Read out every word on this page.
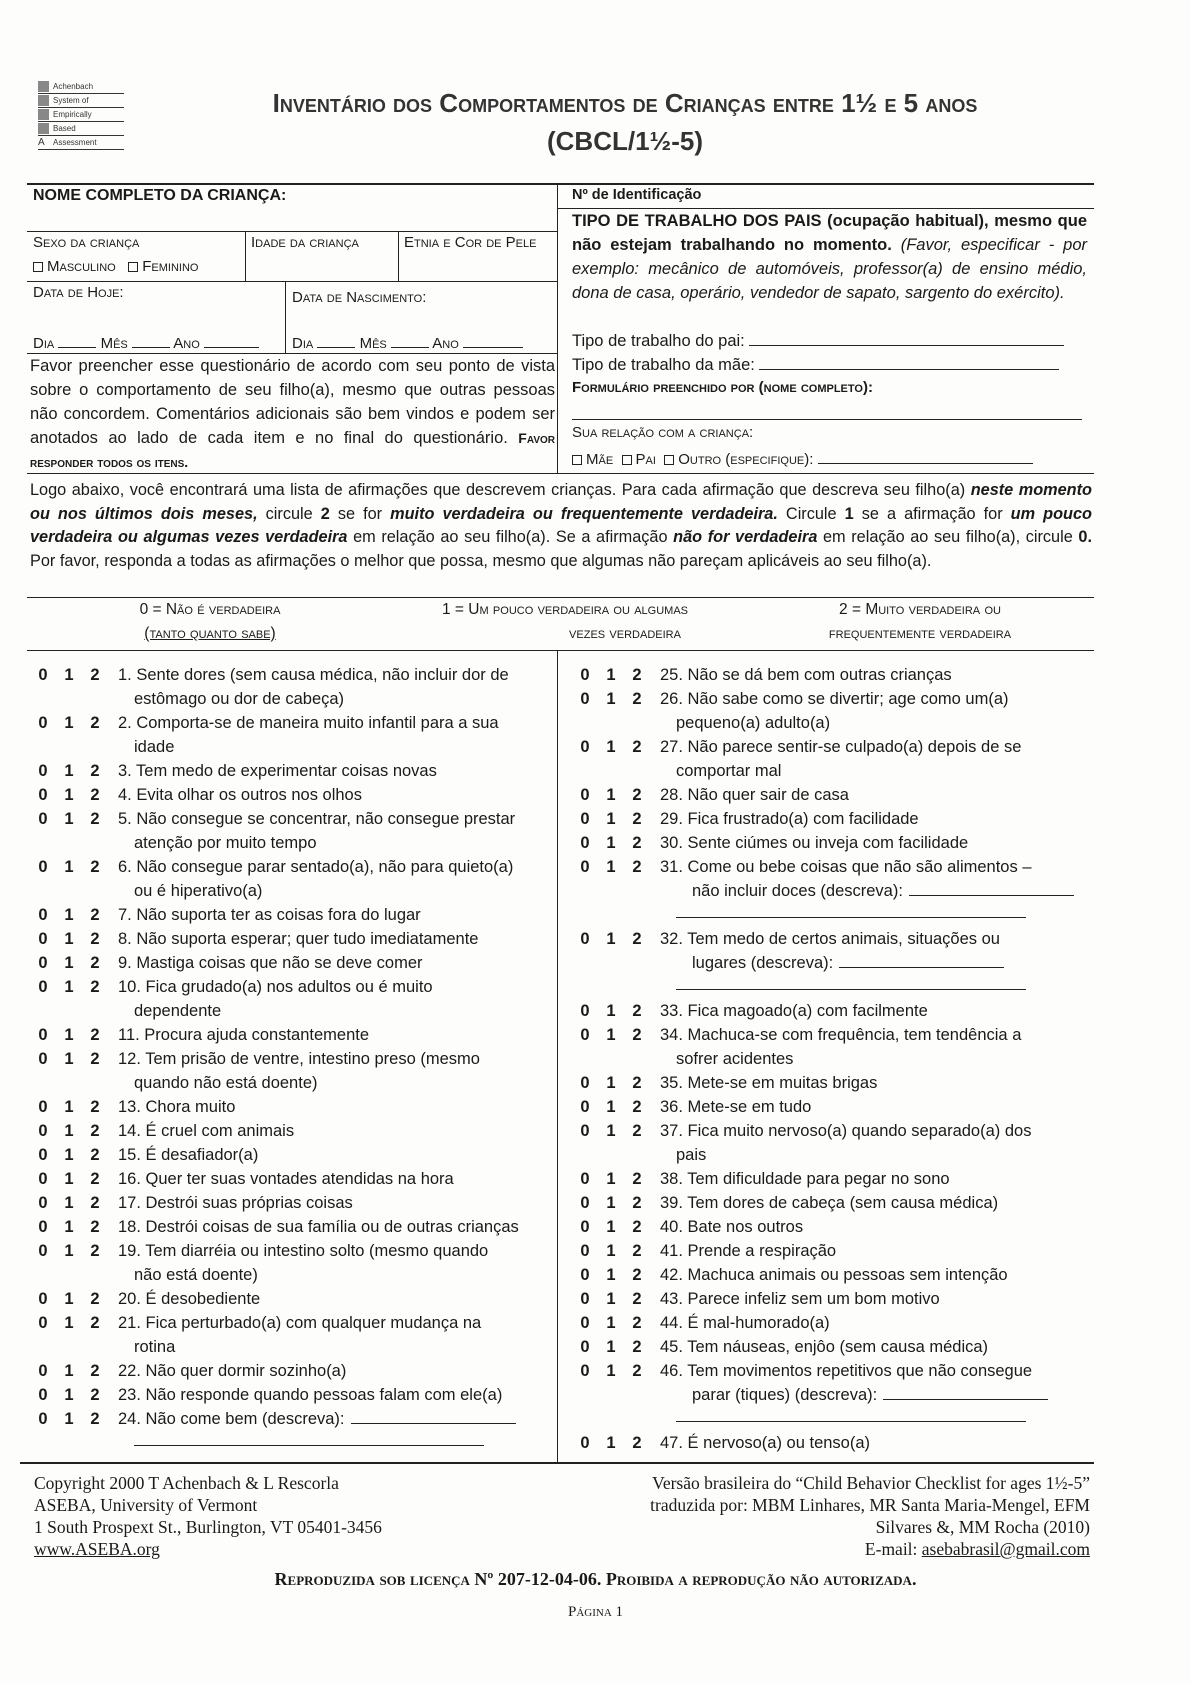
Achenbach
System of
Empirically
Based
A	Assessment
Inventário dos Comportamentos de Crianças entre 1½ e 5 anos
(CBCL/1½-5)
NOME COMPLETO DA CRIANÇA:
Sexo da criança
Masculino Feminino
Idade da criança	Etnia e Cor de Pele
Data de Hoje:	Data de Nascimento:
Dia	Mês	Ano	Dia	Mês	Ano
Favor preencher esse questionário de acordo com seu ponto de vista sobre o comportamento de seu filho(a), mesmo que outras pessoas não concordem. Comentários adicionais são bem vindos e podem ser anotados ao lado de cada item e no final do questionário. Favor responder todos os itens.
Nº de Identificação
TIPO DE TRABALHO DOS PAIS (ocupação habitual), mesmo que não estejam trabalhando no momento. (Favor, especificar - por exemplo: mecânico de automóveis, professor(a) de ensino médio, dona de casa, operário, vendedor de sapato, sargento do exército).
Tipo de trabalho do pai:
Tipo de trabalho da mãe:
Formulário preenchido por (nome completo):
Sua relação com a criança:
Mãe Pai Outro (especifique):
Logo abaixo, você encontrará uma lista de afirmações que descrevem crianças. Para cada afirmação que descreva seu filho(a) neste momento ou nos últimos dois meses, circule 2 se for muito verdadeira ou frequentemente verdadeira. Circule 1 se a afirmação for um pouco verdadeira ou algumas vezes verdadeira em relação ao seu filho(a). Se a afirmação não for verdadeira em relação ao seu filho(a), circule 0. Por favor, responda a todas as afirmações o melhor que possa, mesmo que algumas não pareçam aplicáveis ao seu filho(a).
0 = Não é verdadeira
(tanto quanto sabe)
1 = Um pouco verdadeira ou algumas
vezes verdadeira
2 = Muito verdadeira ou
frequentemente verdadeira
0	1	2	1. Sente dores (sem causa médica, não incluir dor de
estômago ou dor de cabeça)
0	1	2	2. Comporta-se de maneira muito infantil para a sua
idade
0	1	2	3. Tem medo de experimentar coisas novas
0	1	2	4. Evita olhar os outros nos olhos
0	1	2	5. Não consegue se concentrar, não consegue prestar
atenção por muito tempo
0	1	2	6. Não consegue parar sentado(a), não para quieto(a)
ou é hiperativo(a)
0	1	2	7. Não suporta ter as coisas fora do lugar
0	1	2	8. Não suporta esperar; quer tudo imediatamente
0	1	2	9. Mastiga coisas que não se deve comer
0	1	2	10. Fica grudado(a) nos adultos ou é muito
dependente
0	1	2	11. Procura ajuda constantemente
0	1	2	12. Tem prisão de ventre, intestino preso (mesmo
quando não está doente)
0	1	2	13. Chora muito
0	1	2	14. É cruel com animais
0	1	2	15. É desafiador(a)
0	1	2	16. Quer ter suas vontades atendidas na hora
0	1	2	17. Destrói suas próprias coisas
0	1	2	18. Destrói coisas de sua família ou de outras crianças
0	1	2	19. Tem diarréia ou intestino solto (mesmo quando
não está doente)
0	1	2	20. É desobediente
0	1	2	21. Fica perturbado(a) com qualquer mudança na
rotina
0	1	2	22. Não quer dormir sozinho(a)
0	1	2	23. Não responde quando pessoas falam com ele(a)
0	1	2	24. Não come bem (descreva):
0	1	2	25. Não se dá bem com outras crianças
0	1	2	26. Não sabe como se divertir; age como um(a)
pequeno(a) adulto(a)
0	1	2	27. Não parece sentir-se culpado(a) depois de se
comportar mal
0	1	2	28. Não quer sair de casa
0	1	2	29. Fica frustrado(a) com facilidade
0	1	2	30. Sente ciúmes ou inveja com facilidade
0	1	2	31. Come ou bebe coisas que não são alimentos –
não incluir doces (descreva):
0	1	2	32. Tem medo de certos animais, situações ou
lugares (descreva):
0	1	2	33. Fica magoado(a) com facilmente
0	1	2	34. Machuca-se com frequência, tem tendência a
sofrer acidentes
0	1	2	35. Mete-se em muitas brigas
0	1	2	36. Mete-se em tudo
0	1	2	37. Fica muito nervoso(a) quando separado(a) dos
pais
0	1	2	38. Tem dificuldade para pegar no sono
0	1	2	39. Tem dores de cabeça (sem causa médica)
0	1	2	40. Bate nos outros
0	1	2	41. Prende a respiração
0	1	2	42. Machuca animais ou pessoas sem intenção
0	1	2	43. Parece infeliz sem um bom motivo
0	1	2	44. É mal-humorado(a)
0	1	2	45. Tem náuseas, enjôo (sem causa médica)
0	1	2	46. Tem movimentos repetitivos que não consegue
parar (tiques) (descreva):
0	1	2	47. É nervoso(a) ou tenso(a)
Copyright 2000 T Achenbach & L Rescorla
ASEBA, University of Vermont
1 South Prospext St., Burlington, VT 05401-3456
www.ASEBA.org
Versão brasileira do “Child Behavior Checklist for ages 1½-5”
traduzida por: MBM Linhares, MR Santa Maria-Mengel, EFM
Silvares &, MM Rocha (2010)
E-mail: asebabrasil@gmail.com
Reproduzida sob licença Nº 207-12-04-06. Proibida a reprodução não autorizada.
Página 1
